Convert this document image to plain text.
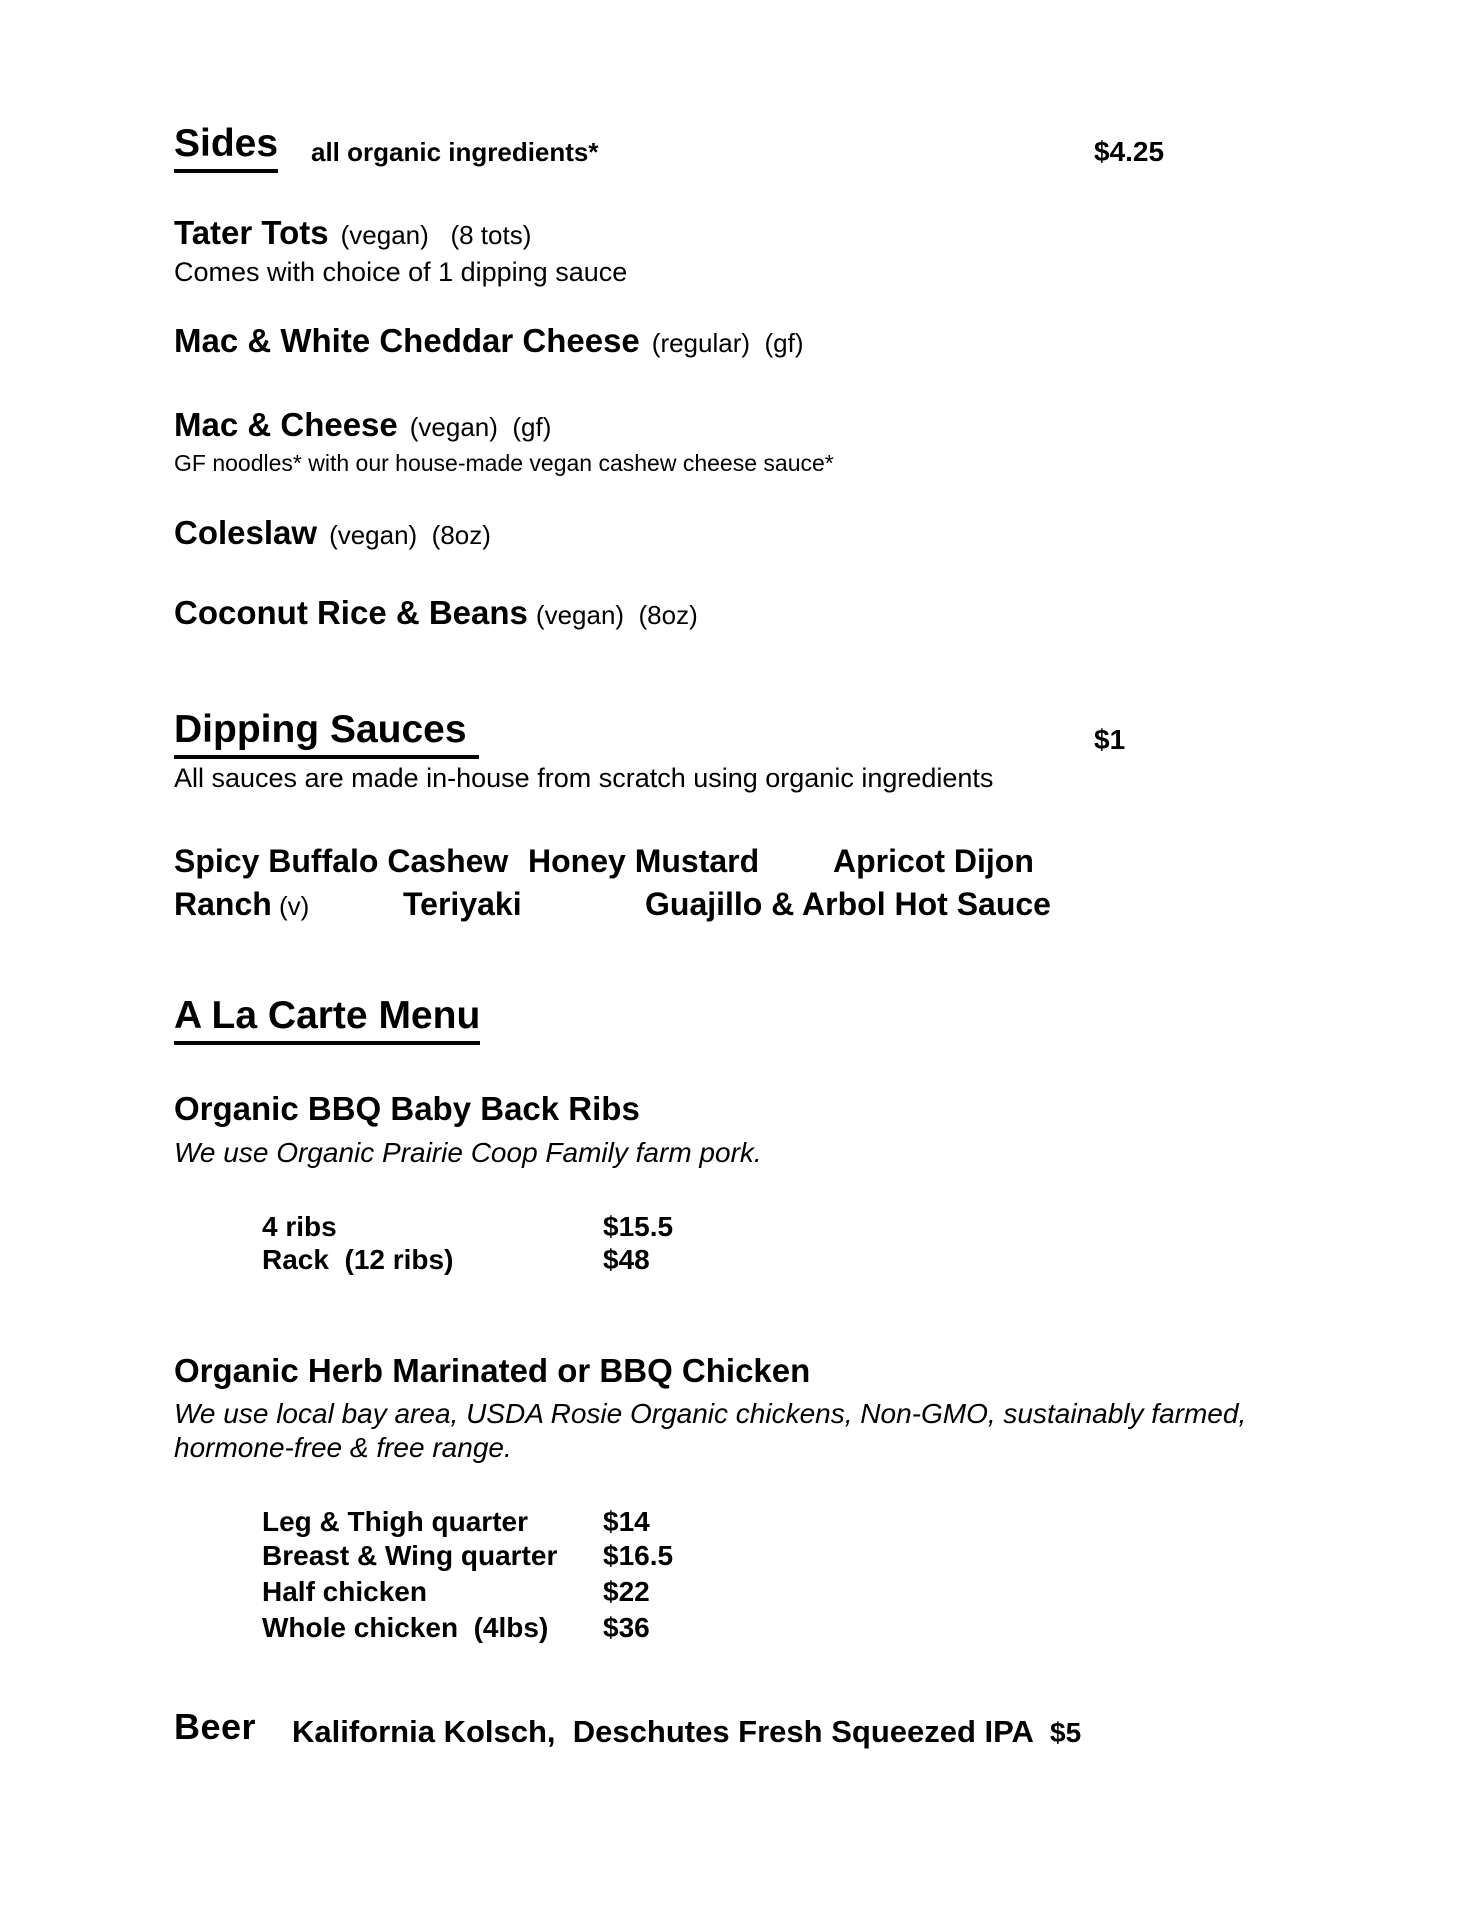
Sides all organic ingredients*	$4.25
Tater Tots (vegan)   (8 tots)
Comes with choice of 1 dipping sauce
Mac & White Cheddar Cheese (regular)  (gf)
Mac & Cheese (vegan)  (gf)
GF noodles* with our house-made vegan cashew cheese sauce*
Coleslaw (vegan)  (8oz)
Coconut Rice & Beans (vegan)  (8oz)
Dipping Sauces	$1
All sauces are made in-house from scratch using organic ingredients
Spicy Buffalo Cashew Honey Mustard Apricot Dijon
Ranch (v)	Teriyaki	Guajillo & Arbol Hot Sauce
A La Carte Menu
Organic BBQ Baby Back Ribs
We use Organic Prairie Coop Family farm pork.
4 ribs	$15.5
Rack  (12 ribs)	$48
Organic Herb Marinated or BBQ Chicken
We use local bay area, USDA Rosie Organic chickens, Non-GMO, sustainably farmed,
hormone-free & free range.
Leg & Thigh quarter	$14
Breast & Wing quarter $16.5
Half chicken	$22
Whole chicken  (4lbs) $36
Beer Kalifornia Kolsch,  Deschutes Fresh Squeezed IPA $5
